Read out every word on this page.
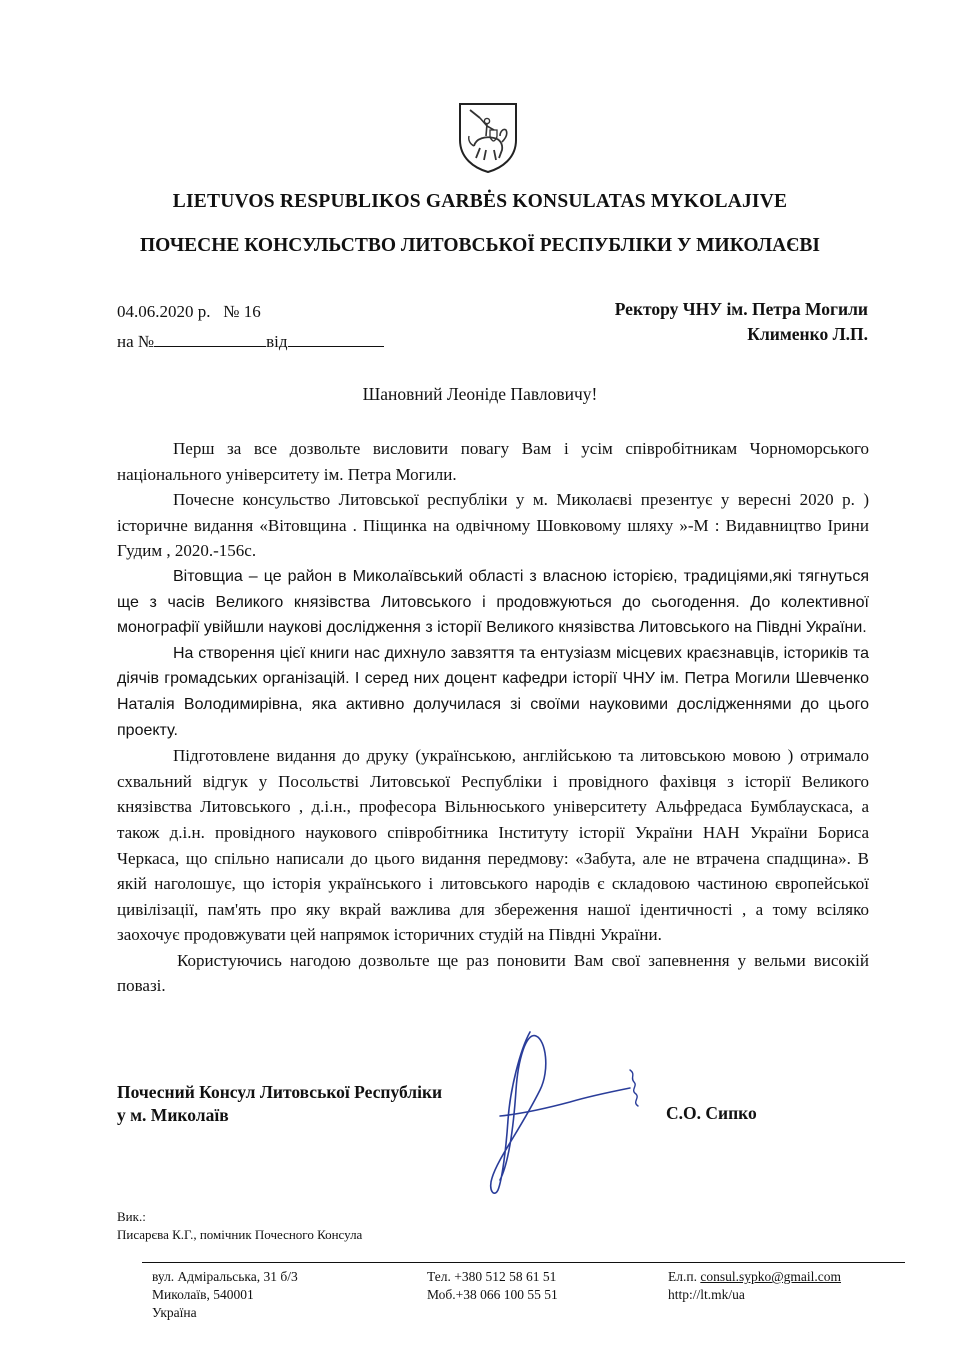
LIETUVOS RESPUBLIKOS GARBĖS KONSULATAS MYKOLAJIVE
ПОЧЕСНЕ КОНСУЛЬСТВО ЛИТОВСЬКОЇ РЕСПУБЛІКИ У МИКОЛАЄВІ
04.06.2020 р. № 16
на №	від
Ректору ЧНУ ім. Петра Могили
Клименко Л.П.
Шановний Леоніде Павловичу!

Перш за все дозвольте висловити повагу Вам і усім співробітникам Чорноморського національного університету ім. Петра Могили.

Почесне консульство Литовської республіки у м. Миколаєві презентує у вересні 2020 р. ) історичне видання «Вітовщина . Піщинка на одвічному Шовковому шляху »-М : Видавництво Ірини Гудим , 2020.-156с.

Вітовщиа – це район в Миколаївський області з власною історією, традиціями,які тягнуться ще з часів Великого князівства Литовського і продовжуються до сьогодення. До колективної монографії увійшли наукові дослідження з історії Великого князівства Литовського на Півдні України.

На створення цієї книги нас дихнуло завзяття та ентузіазм місцевих краєзнавців, істориків та діячів громадських організацій. І серед них доцент кафедри історії ЧНУ ім. Петра Могили Шевченко Наталія Володимирівна, яка активно долучилася зі своїми науковими дослідженнями до цього проекту.

Підготовлене видання до друку (українською, англійською та литовською мовою ) отримало схвальний відгук у Посольстві Литовської Республіки і провідного фахівця з історії Великого князівства Литовського , д.і.н., професора Вільнюського університету Альфредаса Бумблаускаса, а також д.і.н. провідного наукового співробітника Інституту історії України НАН України Бориса Черкаса, що спільно написали до цього видання передмову: «Забута, але не втрачена спадщина». В якій наголошує, що історія українського і литовського народів є складовою частиною європейської цивілізації, пам'ять про яку вкрай важлива для збереження нашої ідентичності , а тому всіляко заохочує продовжувати цей напрямок історичних студій на Півдні України.

Користуючись нагодою дозвольте ще раз поновити Вам свої запевнення у вельми високій повазі.

Почесний Консул Литовської Республіки
у м. Миколаїв	С.О. Сипко
Вик.:
Писарєва К.Г., помічник Почесного Консула
вул. Адміральська, 31 б/3
Миколаїв, 540001
Україна
Тел. +380 512 58 61 51
Моб.+38 066 100 55 51
Ел.п. consul.sypko@gmail.com
http://lt.mk/ua
